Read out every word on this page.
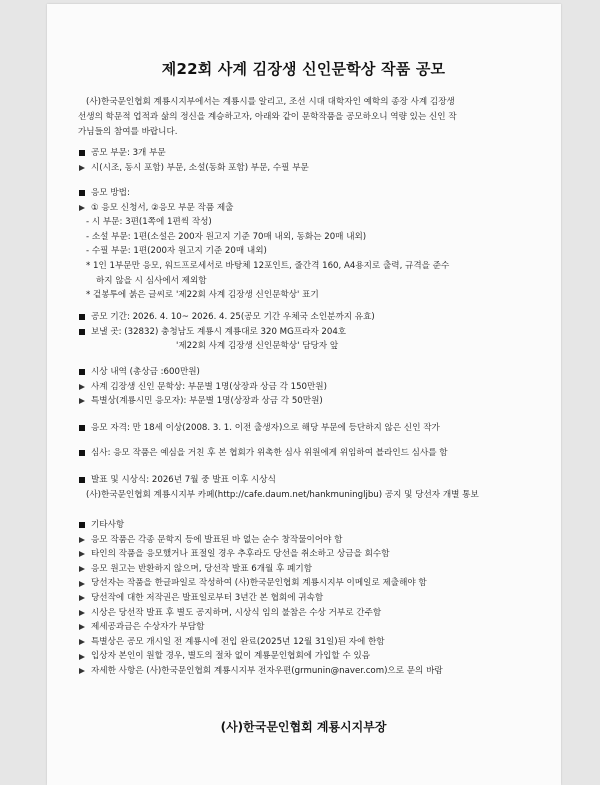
제22회 사계 김장생 신인문학상 작품 공모
(사)한국문인협회 계룡시지부에서는 계룡시를 알리고, 조선 시대 대학자인 예학의 종장 사계 김장생
선생의 학문적 업적과 삶의 정신을 계승하고자, 아래와 같이 문학작품을 공모하오니 역량 있는 신인 작
가님들의 참여를 바랍니다.
공모 부문: 3개 부문
시(시조, 동시 포함) 부문, 소설(동화 포함) 부문, 수필 부문
응모 방법:
① 응모 신청서, ②응모 부문 작품 제출
- 시 부문: 3편(1쪽에 1편씩 작성)
- 소설 부문: 1편(소설은 200자 원고지 기준 70매 내외, 동화는 20매 내외)
- 수필 부문: 1편(200자 원고지 기준 20매 내외)
* 1인 1부문만 응모, 워드프로세서로 바탕체 12포인트, 줄간격 160, A4용지로 출력, 규격을 준수
하지 않을 시 심사에서 제외함
* 겉봉투에 붉은 글씨로 '제22회 사계 김장생 신인문학상' 표기
공모 기간: 2026. 4. 10~ 2026. 4. 25(공모 기간 우체국 소인분까지 유효)
보낼 곳: (32832) 충청남도 계룡시 계룡대로 320 MG프라자 204호
'제22회 사계 김장생 신인문학상' 담당자 앞
시상 내역 (총상금 :600만원)
사계 김장생 신인 문학상: 부문별 1명(상장과 상금 각 150만원)
특별상(계룡시민 응모자): 부문별 1명(상장과 상금 각 50만원)
응모 자격: 만 18세 이상(2008. 3. 1. 이전 출생자)으로 해당 부문에 등단하지 않은 신인 작가
심사: 응모 작품은 예심을 거친 후 본 협회가 위촉한 심사 위원에게 위임하여 블라인드 심사를 함
발표 및 시상식: 2026년 7월 중 발표 이후 시상식
(사)한국문인협회 계룡시지부 카페(http://cafe.daum.net/hankmuningljbu) 공지 및 당선자 개별 통보
기타사항
응모 작품은 각종 문학지 등에 발표된 바 없는 순수 창작물이어야 함
타인의 작품을 응모했거나 표절일 경우 추후라도 당선을 취소하고 상금을 회수함
응모 원고는 반환하지 않으며, 당선작 발표 6개월 후 폐기함
당선자는 작품을 한글파일로 작성하여 (사)한국문인협회 계룡시지부 이메일로 제출해야 함
당선작에 대한 저작권은 발표일로부터 3년간 본 협회에 귀속함
시상은 당선작 발표 후 별도 공지하며, 시상식 임의 불참은 수상 거부로 간주함
제세공과금은 수상자가 부담함
특별상은 공모 개시일 전 계룡시에 전입 완료(2025년 12월 31일)된 자에 한함
입상자 본인이 원할 경우, 별도의 절차 없이 계룡문인협회에 가입할 수 있음
자세한 사항은 (사)한국문인협회 계룡시지부 전자우편(grmunin@naver.com)으로 문의 바람
(사)한국문인협회 계룡시지부장
